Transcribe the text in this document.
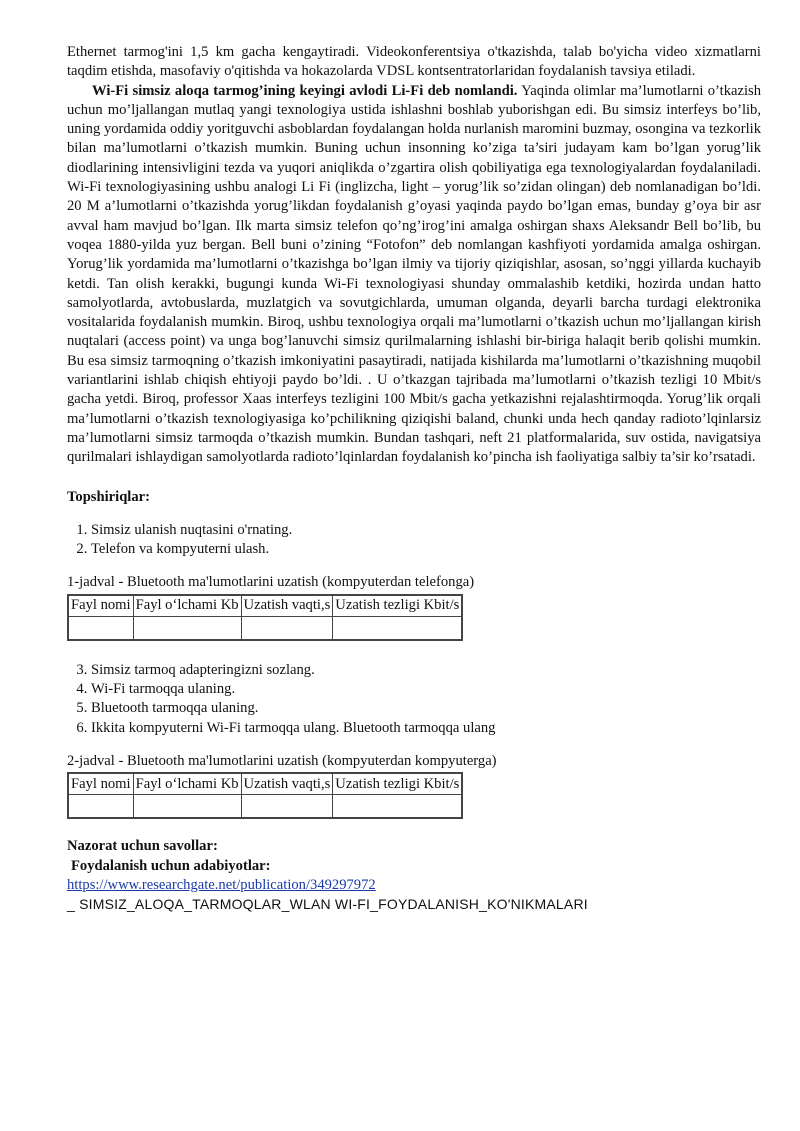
Ethernet tarmog'ini 1,5 km gacha kengaytiradi. Videokonferentsiya o'tkazishda, talab bo'yicha video xizmatlarni taqdim etishda, masofaviy o'qitishda va hokazolarda VDSL kontsentratorlaridan foydalanish tavsiya etiladi.

Wi-Fi simsiz aloqa tarmog’ining keyingi avlodi Li-Fi deb nomlandi. Yaqinda olimlar ma’lumotlarni o’tkazish uchun mo’ljallangan mutlaq yangi texnologiya ustida ishlashni boshlab yuborishgan edi. Bu simsiz interfeys bo’lib, uning yordamida oddiy yoritguvchi asboblardan foydalangan holda nurlanish maromini buzmay, osongina va tezkorlik bilan ma’lumotlarni o’tkazish mumkin. Buning uchun insonning ko’ziga ta’siri judayam kam bo’lgan yorug’lik diodlarining intensivligini tezda va yuqori aniqlikda o’zgartira olish qobiliyatiga ega texnologiyalardan foydalaniladi. Wi-Fi texnologiyasining ushbu analogi Li Fi (inglizcha, light – yorug’lik so’zidan olingan) deb nomlanadigan bo’ldi. 20 M a’lumotlarni o’tkazishda yorug’likdan foydalanish g’oyasi yaqinda paydo bo’lgan emas, bunday g’oya bir asr avval ham mavjud bo’lgan. Ilk marta simsiz telefon qo’ng’irog’ini amalga oshirgan shaxs Aleksandr Bell bo’lib, bu voqea 1880-yilda yuz bergan. Bell buni o’zining “Fotofon” deb nomlangan kashfiyoti yordamida amalga oshirgan. Yorug’lik yordamida ma’lumotlarni o’tkazishga bo’lgan ilmiy va tijoriy qiziqishlar, asosan, so’nggi yillarda kuchayib ketdi. Tan olish kerakki, bugungi kunda Wi-Fi texnologiyasi shunday ommalashib ketdiki, hozirda undan hatto samolyotlarda, avtobuslarda, muzlatgich va sovutgichlarda, umuman olganda, deyarli barcha turdagi elektronika vositalarida foydalanish mumkin. Biroq, ushbu texnologiya orqali ma’lumotlarni o’tkazish uchun mo’ljallangan kirish nuqtalari (access point) va unga bog’lanuvchi simsiz qurilmalarning ishlashi bir-biriga halaqit berib qolishi mumkin. Bu esa simsiz tarmoqning o’tkazish imkoniyatini pasaytiradi, natijada kishilarda ma’lumotlarni o’tkazishning muqobil variantlarini ishlab chiqish ehtiyoji paydo bo’ldi. . U o’tkazgan tajribada ma’lumotlarni o’tkazish tezligi 10 Mbit/s gacha yetdi. Biroq, professor Xaas interfeys tezligini 100 Mbit/s gacha yetkazishni rejalashtirmoqda. Yorug’lik orqali ma’lumotlarni o’tkazish texnologiyasiga ko’pchilikning qiziqishi baland, chunki unda hech qanday radioto’lqinlarsiz ma’lumotlarni simsiz tarmoqda o’tkazish mumkin. Bundan tashqari, neft 21 platformalarida, suv ostida, navigatsiya qurilmalari ishlaydigan samolyotlarda radioto’lqinlardan foydalanish ko’pincha ish faoliyatiga salbiy ta’sir ko’rsatadi.

Topshiriqlar:

1. Simsiz ulanish nuqtasini o'rnating.
2. Telefon va kompyuterni ulash.

1-jadval - Bluetooth ma'lumotlarini uzatish (kompyuterdan telefonga)

Fayl nomi	Fayl o‘lchami Kb	Uzatish vaqti,s	Uzatish tezligi Kbit/s

3. Simsiz tarmoq adapteringizni sozlang.
4. Wi-Fi tarmoqqa ulaning.
5. Bluetooth tarmoqqa ulaning.
6. Ikkita kompyuterni Wi-Fi tarmoqqa ulang. Bluetooth tarmoqqa ulang

2-jadval - Bluetooth ma'lumotlarini uzatish (kompyuterdan kompyuterga)

Fayl nomi	Fayl o‘lchami Kb	Uzatish vaqti,s	Uzatish tezligi Kbit/s

Nazorat uchun savollar:

Foydalanish uchun adabiyotlar:

https://www.researchgate.net/publication/349297972

_ SIMSIZ_ALOQA_TARMOQLAR_WLAN WI-FI_FOYDALANISH_KO'NIKMALARI
